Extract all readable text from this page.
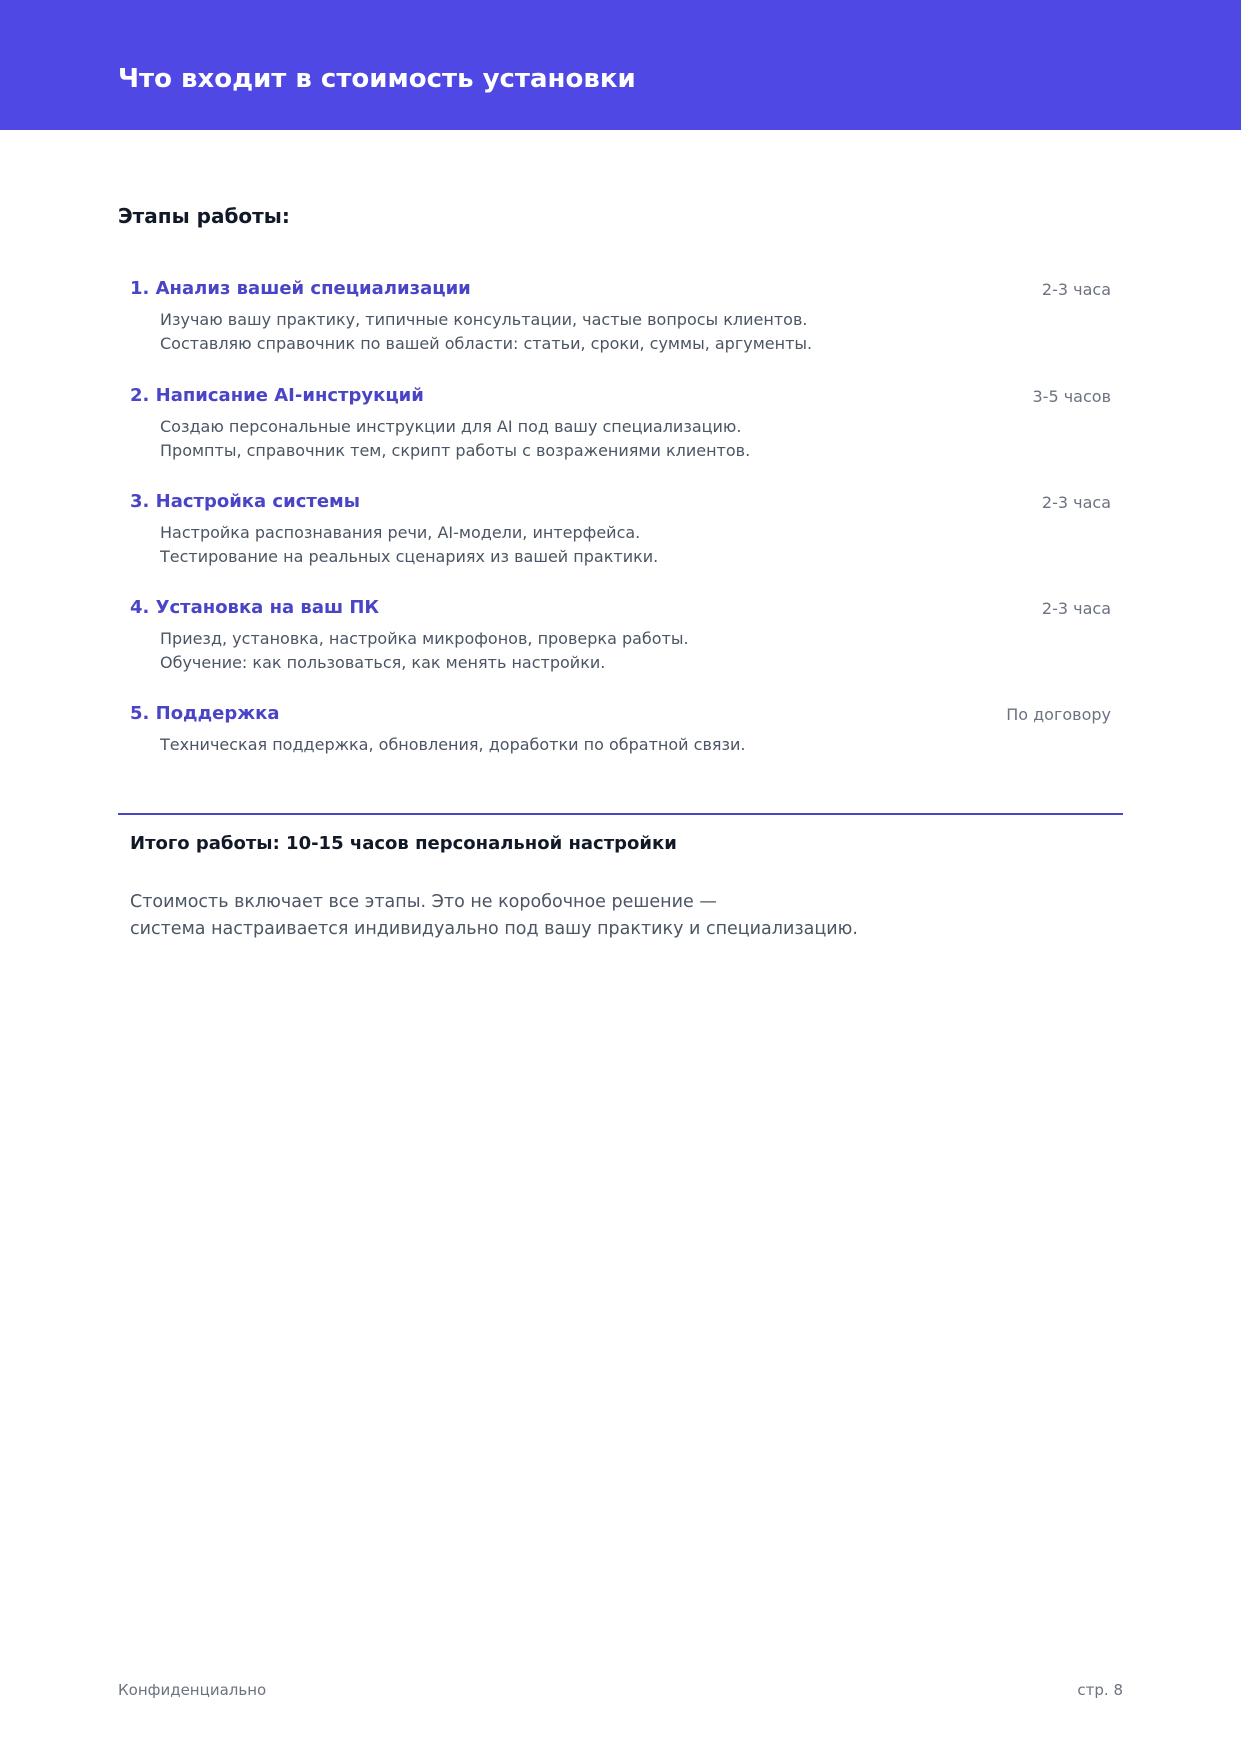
Что входит в стоимость установки
Этапы работы:
1. Анализ вашей специализации	2-3 часа
Изучаю вашу практику, типичные консультации, частые вопросы клиентов.
Составляю справочник по вашей области: статьи, сроки, суммы, аргументы.
2. Написание AI-инструкций	3-5 часов
Создаю персональные инструкции для AI под вашу специализацию.
Промпты, справочник тем, скрипт работы с возражениями клиентов.
3. Настройка системы	2-3 часа
Настройка распознавания речи, AI-модели, интерфейса.
Тестирование на реальных сценариях из вашей практики.
4. Установка на ваш ПК	2-3 часа
Приезд, установка, настройка микрофонов, проверка работы.
Обучение: как пользоваться, как менять настройки.
5. Поддержка	По договору
Техническая поддержка, обновления, доработки по обратной связи.
Итого работы: 10-15 часов персональной настройки
Стоимость включает все этапы. Это не коробочное решение —
система настраивается индивидуально под вашу практику и специализацию.
Конфиденциально	стр. 8
